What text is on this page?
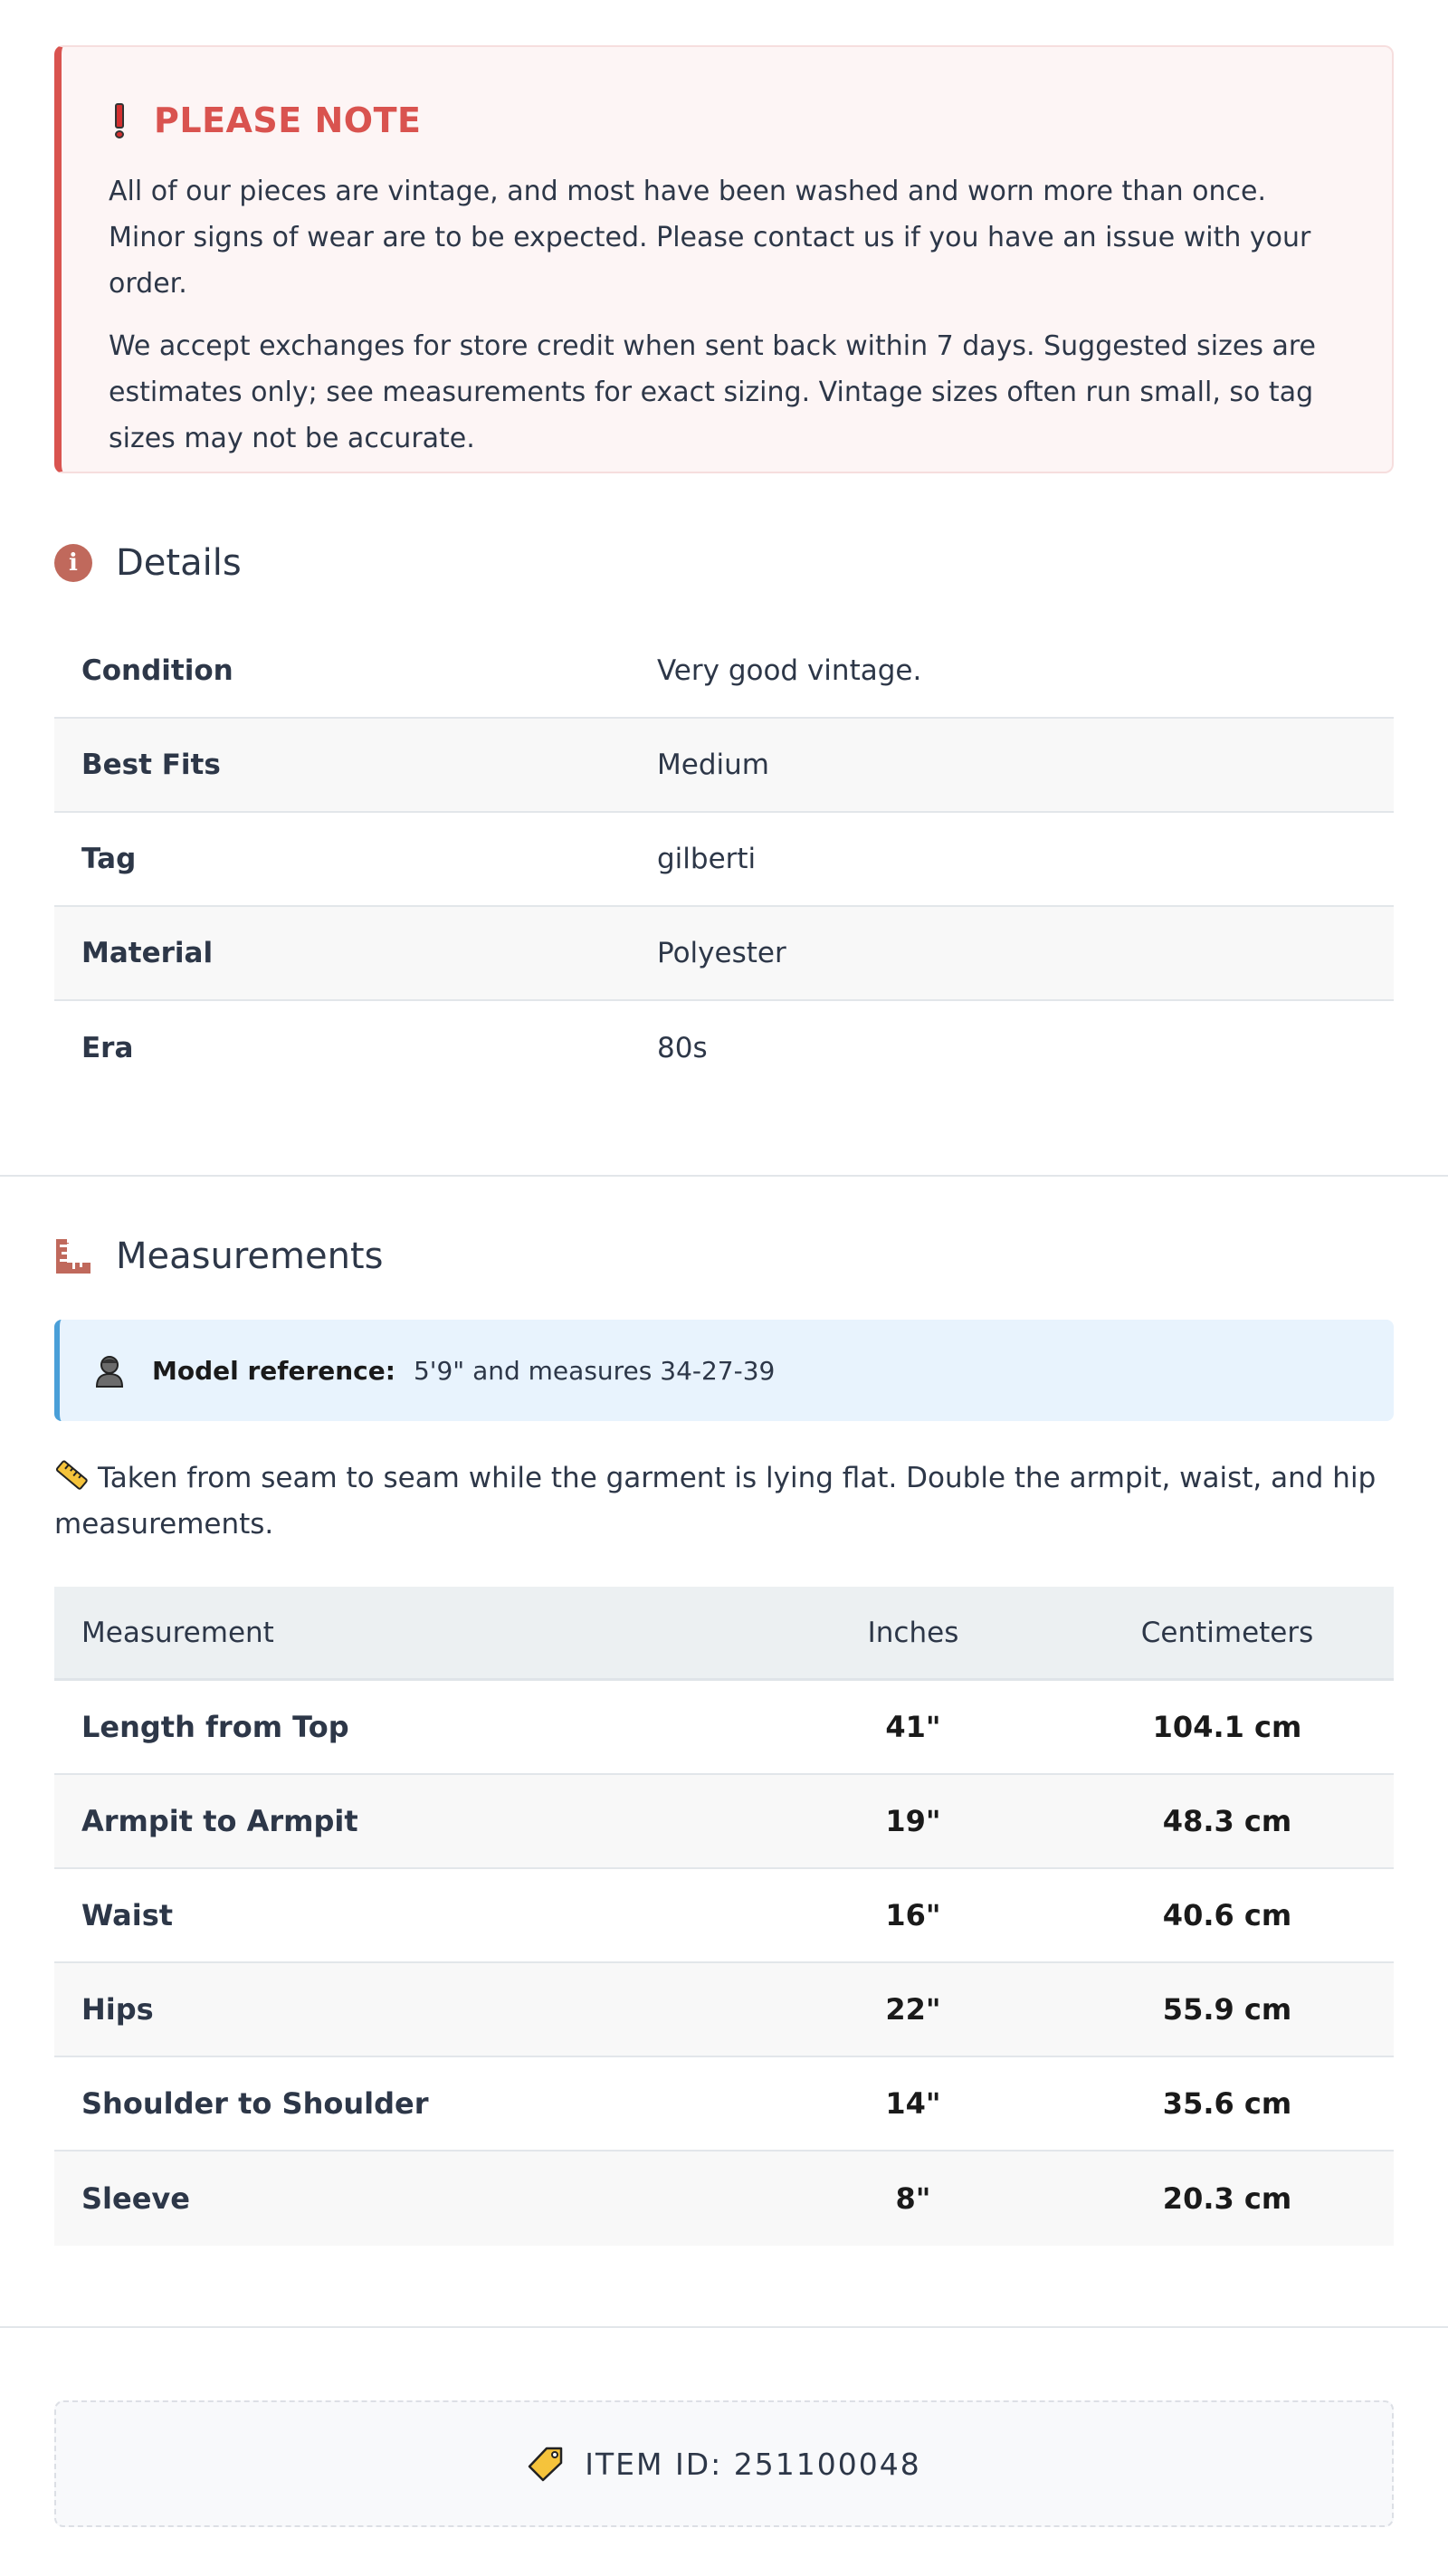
PLEASE NOTE

All of our pieces are vintage, and most have been washed and worn more than once. Minor signs of wear are to be expected. Please contact us if you have an issue with your order.

We accept exchanges for store credit when sent back within 7 days. Suggested sizes are estimates only; see measurements for exact sizing. Vintage sizes often run small, so tag sizes may not be accurate.

i	Details
Condition	Very good vintage.
Best Fits	Medium
Tag	gilberti
Material	Polyester
Era	80s
Measurements
Model reference: 5'9" and measures 34-27-39
Taken from seam to seam while the garment is lying flat. Double the armpit, waist, and hip measurements.
Measurement	Inches	Centimeters
Length from Top	41"	104.1 cm
Armpit to Armpit	19"	48.3 cm
Waist	16"	40.6 cm
Hips	22"	55.9 cm
Shoulder to Shoulder	14"	35.6 cm
Sleeve	8"	20.3 cm
ITEM ID: 251100048
